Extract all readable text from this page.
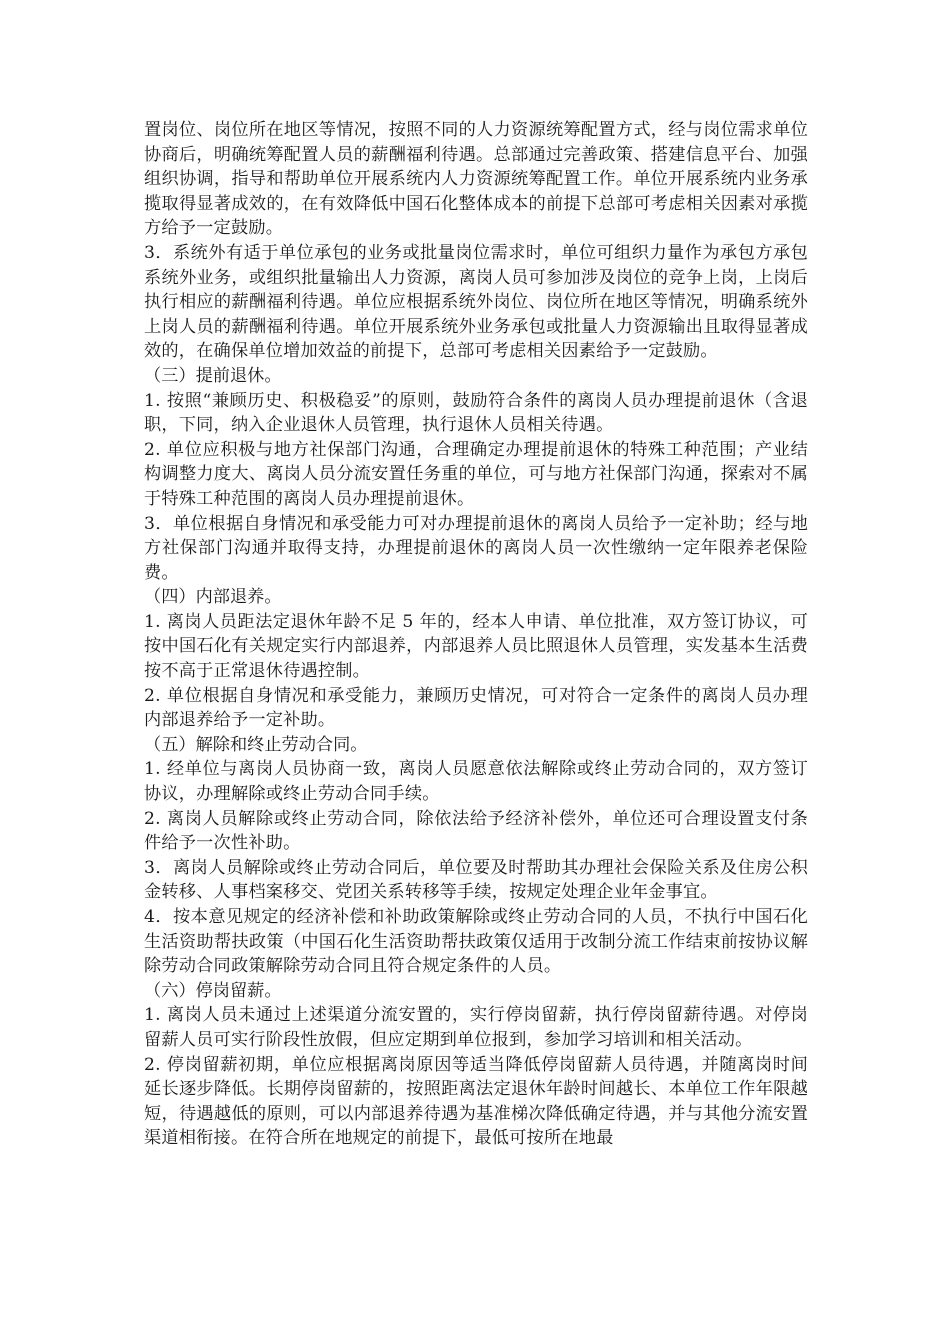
置岗位、岗位所在地区等情况，按照不同的人力资源统筹配置方式，经与岗位需求单位协商后，明确统筹配置人员的薪酬福利待遇。总部通过完善政策、搭建信息平台、加强组织协调，指导和帮助单位开展系统内人力资源统筹配置工作。单位开展系统内业务承揽取得显著成效的，在有效降低中国石化整体成本的前提下总部可考虑相关因素对承揽方给予一定鼓励。

3．系统外有适于单位承包的业务或批量岗位需求时，单位可组织力量作为承包方承包系统外业务，或组织批量输出人力资源，离岗人员可参加涉及岗位的竞争上岗，上岗后执行相应的薪酬福利待遇。单位应根据系统外岗位、岗位所在地区等情况，明确系统外上岗人员的薪酬福利待遇。单位开展系统外业务承包或批量人力资源输出且取得显著成效的，在确保单位增加效益的前提下，总部可考虑相关因素给予一定鼓励。

（三）提前退休。

1. 按照“兼顾历史、积极稳妥”的原则，鼓励符合条件的离岗人员办理提前退休（含退职，下同，纳入企业退休人员管理，执行退休人员相关待遇。

2. 单位应积极与地方社保部门沟通，合理确定办理提前退休的特殊工种范围；产业结构调整力度大、离岗人员分流安置任务重的单位，可与地方社保部门沟通，探索对不属于特殊工种范围的离岗人员办理提前退休。

3．单位根据自身情况和承受能力可对办理提前退休的离岗人员给予一定补助；经与地方社保部门沟通并取得支持，办理提前退休的离岗人员一次性缴纳一定年限养老保险费。

（四）内部退养。

1. 离岗人员距法定退休年龄不足 5 年的，经本人申请、单位批准，双方签订协议，可按中国石化有关规定实行内部退养，内部退养人员比照退休人员管理，实发基本生活费按不高于正常退休待遇控制。

2. 单位根据自身情况和承受能力，兼顾历史情况，可对符合一定条件的离岗人员办理内部退养给予一定补助。

（五）解除和终止劳动合同。

1. 经单位与离岗人员协商一致，离岗人员愿意依法解除或终止劳动合同的，双方签订协议，办理解除或终止劳动合同手续。

2. 离岗人员解除或终止劳动合同，除依法给予经济补偿外，单位还可合理设置支付条件给予一次性补助。

3．离岗人员解除或终止劳动合同后，单位要及时帮助其办理社会保险关系及住房公积金转移、人事档案移交、党团关系转移等手续，按规定处理企业年金事宜。

4．按本意见规定的经济补偿和补助政策解除或终止劳动合同的人员，不执行中国石化生活资助帮扶政策（中国石化生活资助帮扶政策仅适用于改制分流工作结束前按协议解 除劳动合同政策解除劳动合同且符合规定条件的人员。

（六）停岗留薪。

1. 离岗人员未通过上述渠道分流安置的，实行停岗留薪，执行停岗留薪待遇。对停岗留薪人员可实行阶段性放假，但应定期到单位报到，参加学习培训和相关活动。

2. 停岗留薪初期，单位应根据离岗原因等适当降低停岗留薪人员待遇，并随离岗时间延长逐步降低。长期停岗留薪的，按照距离法定退休年龄时间越长、本单位工作年限越短，待遇越低的原则，可以内部退养待遇为基准梯次降低确定待遇，并与其他分流安置渠道相衔接。在符合所在地规定的前提下，最低可按所在地最
